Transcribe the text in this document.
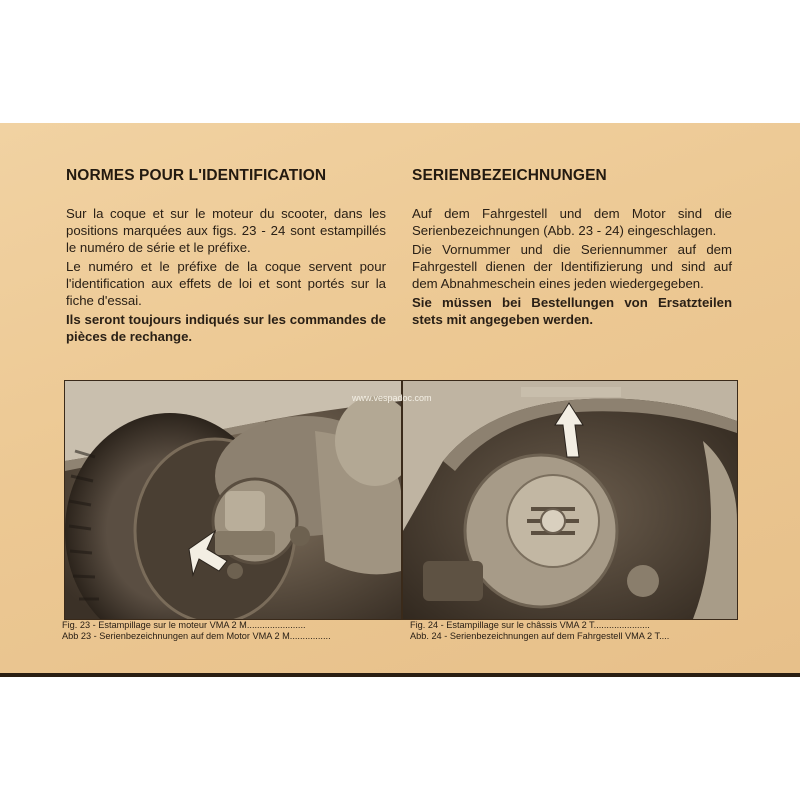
NORMES POUR L'IDENTIFICATION

Sur la coque et sur le moteur du scooter, dans les positions marquées aux figs. 23 - 24 sont estampillés le numéro de série et le préfixe.

Le numéro et le préfixe de la coque servent pour l'identification aux effets de loi et sont portés sur la fiche d'essai.

Ils seront toujours indiqués sur les commandes de pièces de rechange.

SERIENBEZEICHNUNGEN

Auf dem Fahrgestell und dem Motor sind die Serienbezeichnungen (Abb. 23 - 24) eingeschlagen.

Die Vornummer und die Seriennummer auf dem Fahrgestell dienen der Identifizierung und sind auf dem Abnahmeschein eines jeden wiedergegeben.

Sie müssen bei Bestellungen von Ersatzteilen stets mit angegeben werden.

www.vespadoc.com
Fig. 23 - Estampillage sur le moteur VMA 2 M.......................
Abb 23 - Serienbezeichnungen auf dem Motor VMA 2 M................
Fig. 24 - Estampillage sur le châssis VMA 2 T......................
Abb. 24 - Serienbezeichnungen auf dem Fahrgestell VMA 2 T....
